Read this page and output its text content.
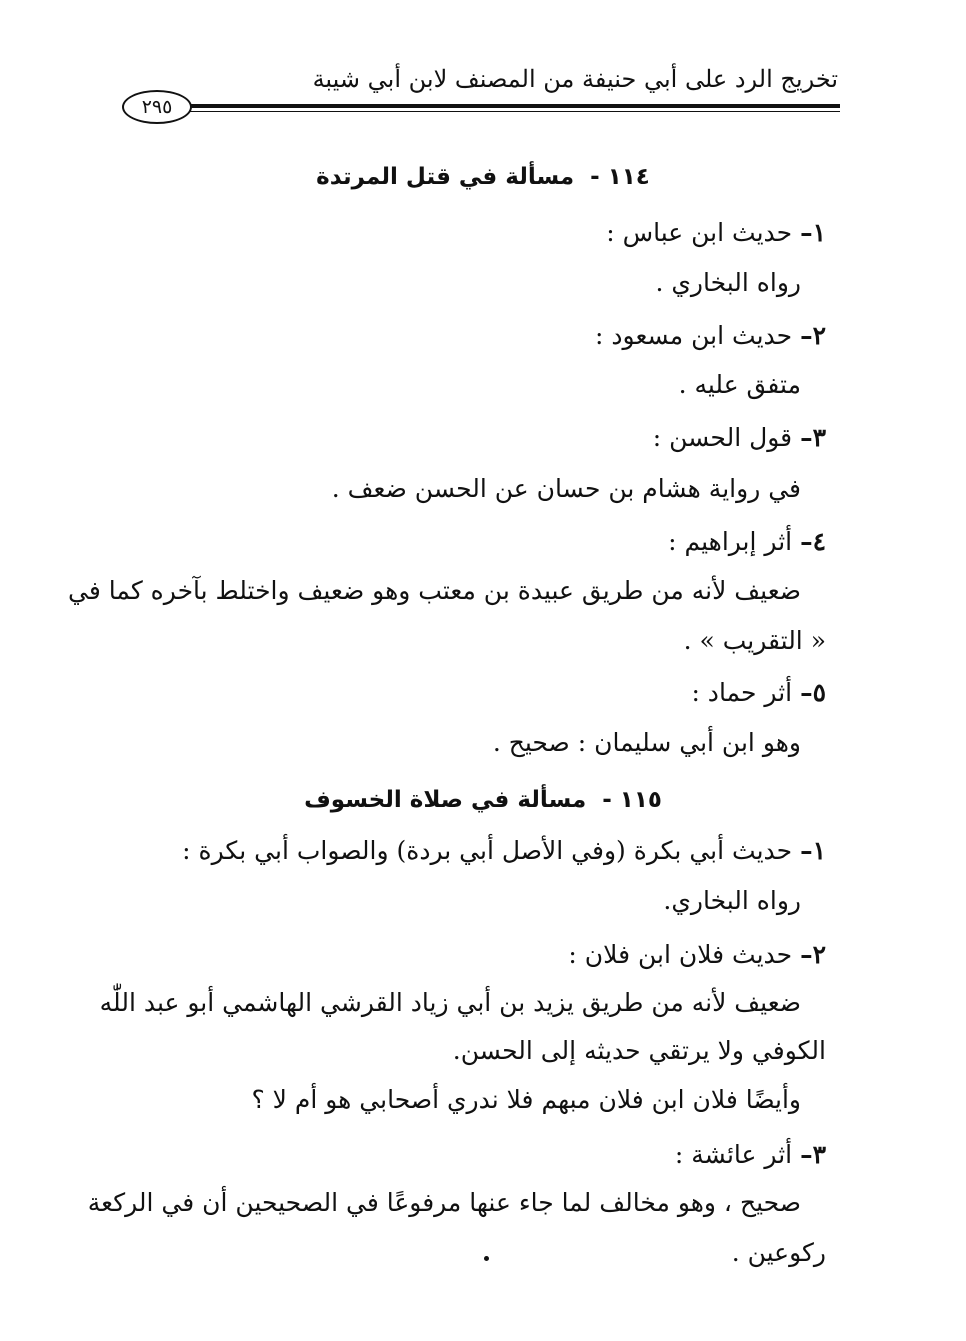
تخريج الرد على أبي حنيفة من المصنف لابن أبي شيبة
٢٩٥
١١٤ -مسألة في قتل المرتدة
١– حديث ابن عباس :
رواه البخاري .
٢– حديث ابن مسعود :
متفق عليه .
٣– قول الحسن :
في رواية هشام بن حسان عن الحسن ضعف .
٤– أثر إبراهيم :
ضعيف لأنه من طريق عبيدة بن معتب وهو ضعيف واختلط بآخره كما في
« التقريب » .
٥– أثر حماد :
وهو ابن أبي سليمان : صحيح .
١١٥ -مسألة في صلاة الخسوف
١– حديث أبي بكرة (وفي الأصل أبي بردة) والصواب أبي بكرة :
رواه البخاري.
٢– حديث فلان ابن فلان :
ضعيف لأنه من طريق يزيد بن أبي زياد القرشي الهاشمي أبو عبد اللّٰه
الكوفي ولا يرتقي حديثه إلى الحسن.
وأيضًا فلان ابن فلان مبهم فلا ندري أصحابي هو أم لا ؟
٣– أثر عائشة :
صحيح ، وهو مخالف لما جاء عنها مرفوعًا في الصحيحين أن في الركعة
ركوعين .
